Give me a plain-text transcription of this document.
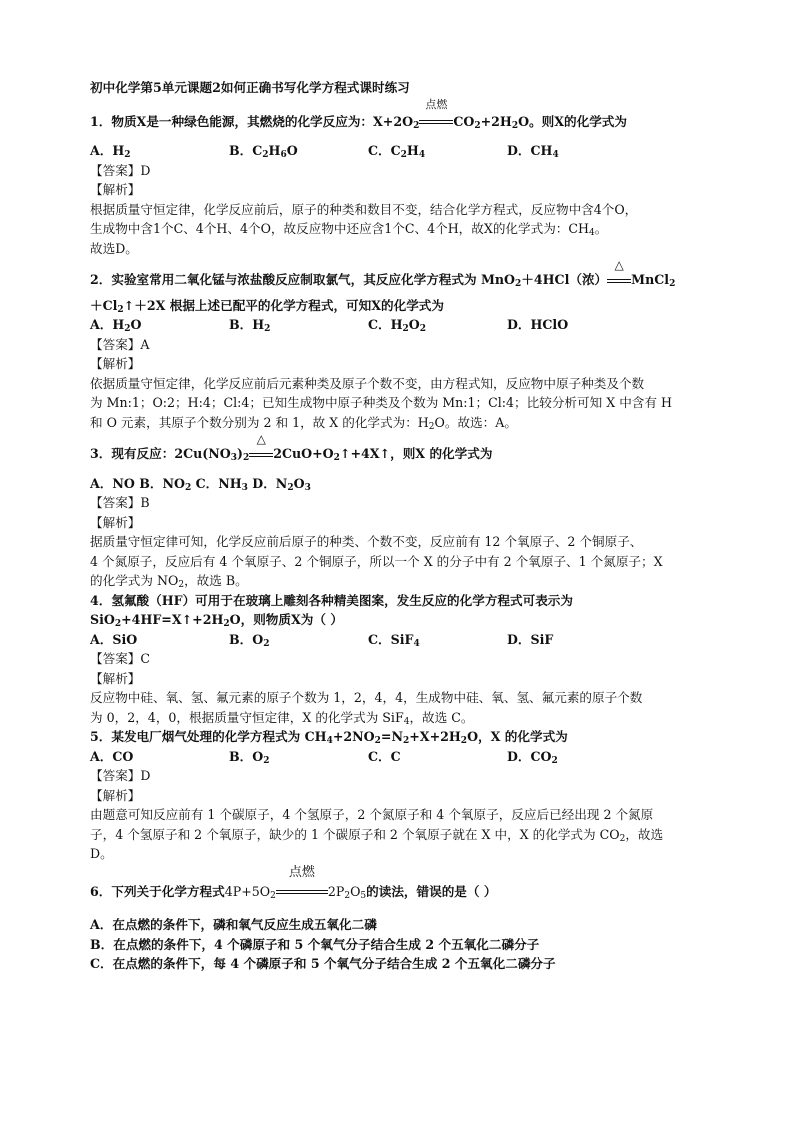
初中化学第5单元课题2如何正确书写化学方程式课时练习
1．物质X是一种绿色能源，其燃烧的化学反应为：$X+2O_2$
点燃
$CO_2+2H_2O$。则X的化学式为
A．$H_2$	B．$C_2H_6O$	C．$C_2H_4$	D．$CH_4$
【答案】D
【解析】
根据质量守恒定律，化学反应前后，原子的种类和数目不变，结合化学方程式，反应物中含4个O，
生成物中含1个C、4个H、4个O，故反应物中还应含1个C、4个H，故X的化学式为：$CH_4$。
故选D。
2．实验室常用二氧化锰与浓盐酸反应制取氯气，其反应化学方程式为 MnO$_2$＋4HCl（浓）
△
MnCl$_2$
$+Cl_2↑+2X$ 根据上述已配平的化学方程式，可知X的化学式为
A．$H_2O$	B．$H_2$	C．$H_2O_2$	D．HClO
【答案】A
【解析】
依据质量守恒定律，化学反应前后元素种类及原子个数不变，由方程式知，反应物中原子种类及个数
为 Mn:1；O:2；H:4；Cl:4；已知生成物中原子种类及个数为 Mn:1；Cl:4；比较分析可知 X 中含有 H
和 O 元素，其原子个数分别为 2 和 1，故 X 的化学式为：$H_2O$。故选：A。
3．现有反应：$2Cu(NO_3)_2$
△
$2CuO+O_2↑+4X↑$，则X 的化学式为
A．NO B．$NO_2$ C．$NH_3$ D．$N_2O_3$
【答案】B
【解析】
据质量守恒定律可知，化学反应前后原子的种类、个数不变，反应前有 12 个氧原子、2 个铜原子、
4 个氮原子，反应后有 4 个氧原子、2 个铜原子，所以一个 X 的分子中有 2 个氧原子、1 个氮原子；X
的化学式为 $NO_2$，故选 B。
4．氢氟酸（HF）可用于在玻璃上雕刻各种精美图案，发生反应的化学方程式可表示为
$SiO_2+4HF=X↑+2H_2O$，则物质X为（ ）
A．SiO	B．$O_2$	C．SiF$_4$	D．SiF
【答案】C
【解析】
反应物中硅、氧、氢、氟元素的原子个数为 1，2，4，4，生成物中硅、氧、氢、氟元素的原子个数
为 0，2，4，0，根据质量守恒定律，X 的化学式为 SiF$_4$，故选 C。
5．某发电厂烟气处理的化学方程式为 $CH_4+2NO_2=N_2+X+2H_2O$，X 的化学式为
A．CO	B．$O_2$	C．C	D．$CO_2$
【答案】D
【解析】
由题意可知反应前有 1 个碳原子，4 个氢原子，2 个氮原子和 4 个氧原子，反应后已经出现 2 个氮原
子，4 个氢原子和 2 个氧原子，缺少的 1 个碳原子和 2 个氧原子就在 X 中，X 的化学式为 $CO_2$，故选
D。
6．下列关于化学方程式$4P+5O_2$
点燃
$2P_2O_5$的读法，错误的是（ ）
A．在点燃的条件下，磷和氧气反应生成五氧化二磷
B．在点燃的条件下，4 个磷原子和 5 个氧气分子结合生成 2 个五氧化二磷分子
C．在点燃的条件下，每 4 个磷原子和 5 个氧气分子结合生成 2 个五氧化二磷分子
